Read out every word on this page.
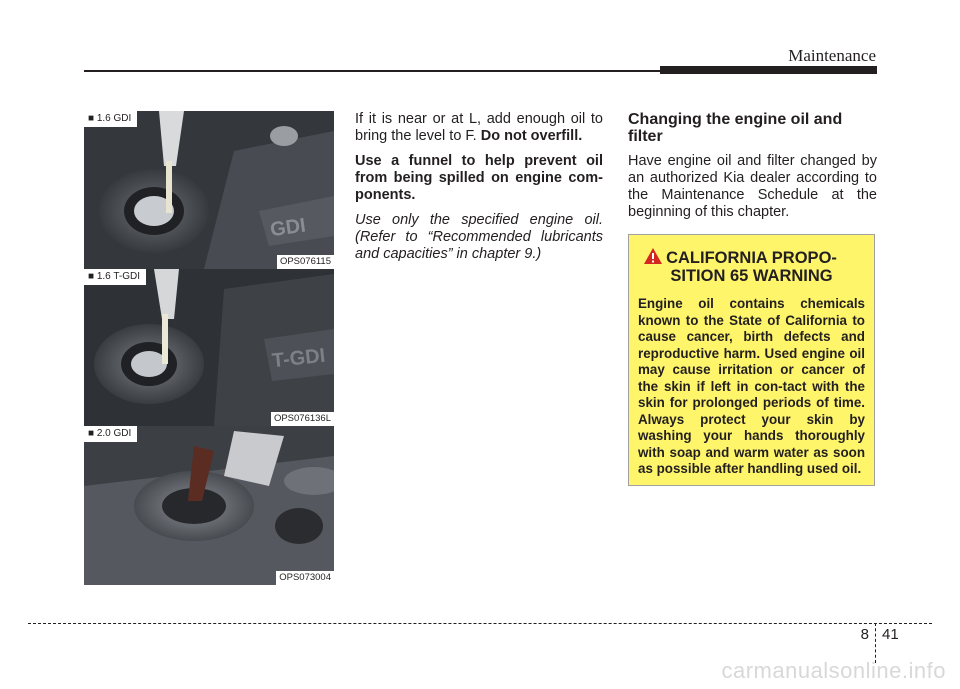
Maintenance
GDI
■ 1.6 GDI
OPS076115
T-GDI
■ 1.6 T-GDI
OPS076136L
■ 2.0 GDI
OPS073004

If it is near or at L, add enough oil to bring the level to F. Do not overfill.

Use a funnel to help prevent oil from being spilled on engine com-ponents.

Use only the specified engine oil. (Refer to “Recommended lubricants and capacities” in chapter 9.)

Changing the engine oil and filter

Have engine oil and filter changed by an authorized Kia dealer according to the Maintenance Schedule at the beginning of this chapter.

CALIFORNIA PROPO-
SITION 65 WARNING

Engine oil contains chemicals known to the State of California to cause cancer, birth defects and reproductive harm. Used engine oil may cause irritation or cancer of the skin if left in con-tact with the skin for prolonged periods of time. Always protect your skin by washing your hands thoroughly with soap and warm water as soon as possible after handling used oil.

8 41
carmanualsonline.info
